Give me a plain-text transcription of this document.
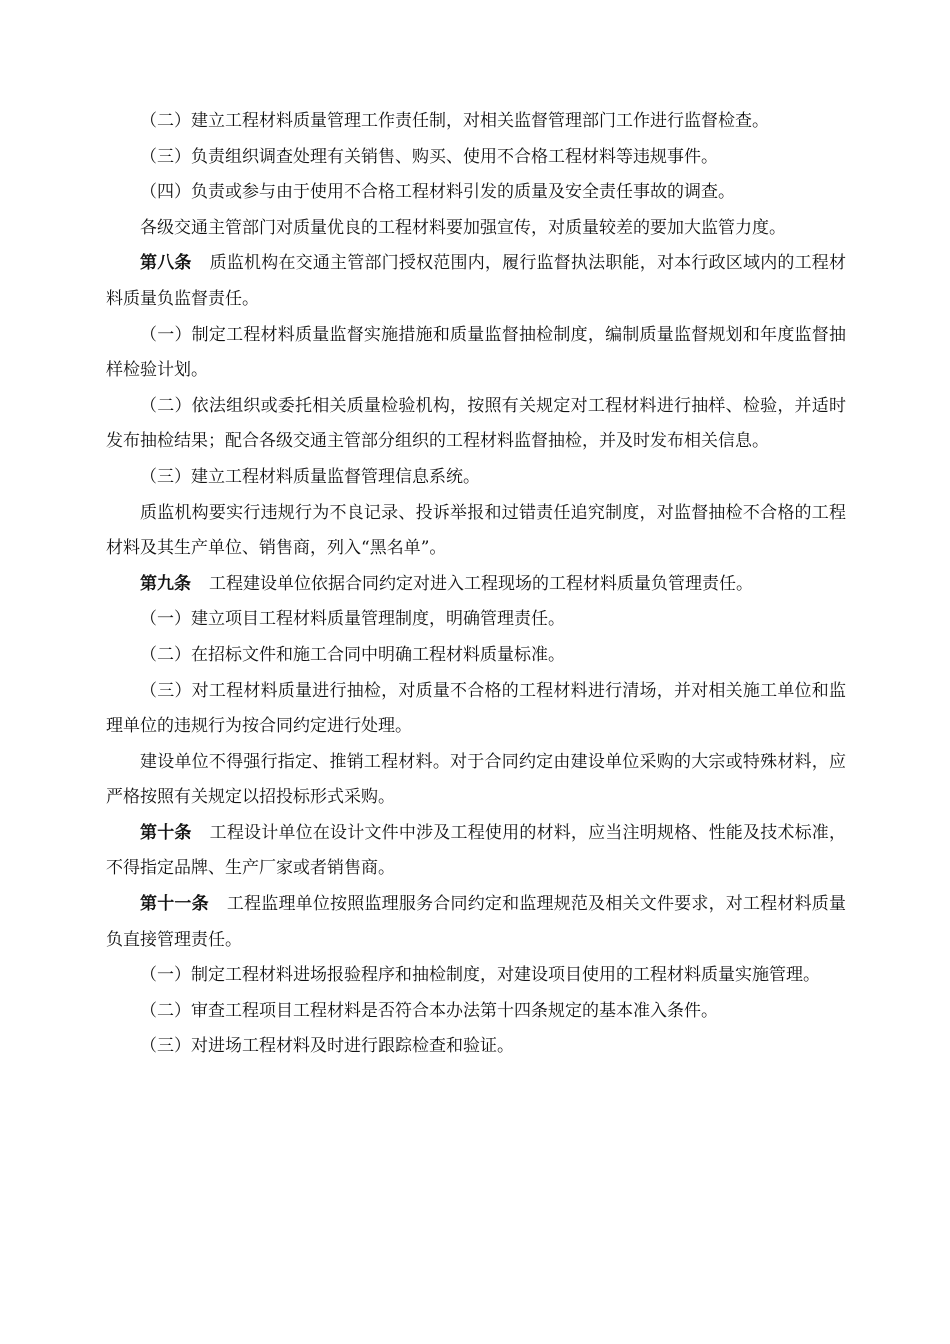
（二）建立工程材料质量管理工作责任制，对相关监督管理部门工作进行监督检查。

（三）负责组织调查处理有关销售、购买、使用不合格工程材料等违规事件。

（四）负责或参与由于使用不合格工程材料引发的质量及安全责任事故的调查。

各级交通主管部门对质量优良的工程材料要加强宣传，对质量较差的要加大监管力度。

第八条 质监机构在交通主管部门授权范围内，履行监督执法职能，对本行政区域内的工程材料质量负监督责任。

（一）制定工程材料质量监督实施措施和质量监督抽检制度，编制质量监督规划和年度监督抽样检验计划。

（二）依法组织或委托相关质量检验机构，按照有关规定对工程材料进行抽样、检验，并适时发布抽检结果；配合各级交通主管部分组织的工程材料监督抽检，并及时发布相关信息。

（三）建立工程材料质量监督管理信息系统。

质监机构要实行违规行为不良记录、投诉举报和过错责任追究制度，对监督抽检不合格的工程材料及其生产单位、销售商，列入“黑名单”。

第九条 工程建设单位依据合同约定对进入工程现场的工程材料质量负管理责任。

（一）建立项目工程材料质量管理制度，明确管理责任。

（二）在招标文件和施工合同中明确工程材料质量标准。

（三）对工程材料质量进行抽检，对质量不合格的工程材料进行清场，并对相关施工单位和监理单位的违规行为按合同约定进行处理。

建设单位不得强行指定、推销工程材料。对于合同约定由建设单位采购的大宗或特殊材料，应严格按照有关规定以招投标形式采购。

第十条 工程设计单位在设计文件中涉及工程使用的材料，应当注明规格、性能及技术标准，不得指定品牌、生产厂家或者销售商。

第十一条 工程监理单位按照监理服务合同约定和监理规范及相关文件要求，对工程材料质量负直接管理责任。

（一）制定工程材料进场报验程序和抽检制度，对建设项目使用的工程材料质量实施管理。

（二）审查工程项目工程材料是否符合本办法第十四条规定的基本准入条件。

（三）对进场工程材料及时进行跟踪检查和验证。
